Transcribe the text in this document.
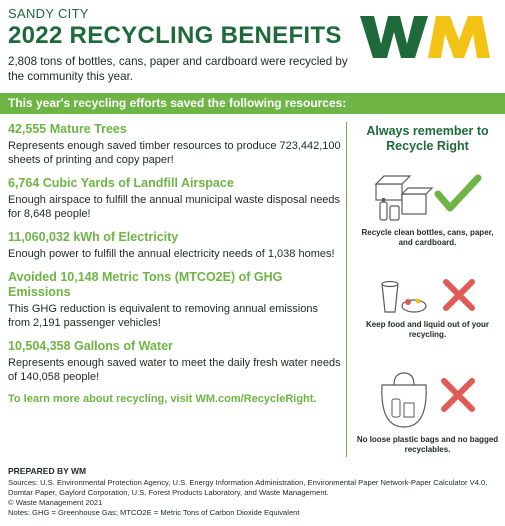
SANDY CITY
2022 RECYCLING BENEFITS
2,808 tons of bottles, cans, paper and cardboard were recycled by the community this year.
This year's recycling efforts saved the following resources:
42,555 Mature Trees
Represents enough saved timber resources to produce 723,442,100 sheets of printing and copy paper!
6,764 Cubic Yards of Landfill Airspace
Enough airspace to fulfill the annual municipal waste disposal needs for 8,648 people!
11,060,032 kWh of Electricity
Enough power to fulfill the annual electricity needs of 1,038 homes!
Avoided 10,148 Metric Tons (MTCO2E) of GHG Emissions
This GHG reduction is equivalent to removing annual emissions from 2,191 passenger vehicles!
10,504,358 Gallons of Water
Represents enough saved water to meet the daily fresh water needs of 140,058 people!
To learn more about recycling, visit WM.com/RecycleRight.
Always remember to Recycle Right
Recycle clean bottles, cans, paper, and cardboard.
Keep food and liquid out of your recycling.
No loose plastic bags and no bagged recyclables.
PREPARED BY WM
Sources: U.S. Environmental Protection Agency, U.S. Energy Information Administration, Environmental Paper Network-Paper Calculator V4.0, Domtar Paper, Gaylord Corporation, U.S. Forest Products Laboratory, and Waste Management.
© Waste Management 2021
Notes: GHG = Greenhouse Gas; MTCO2E = Metric Tons of Carbon Dioxide Equivalent
